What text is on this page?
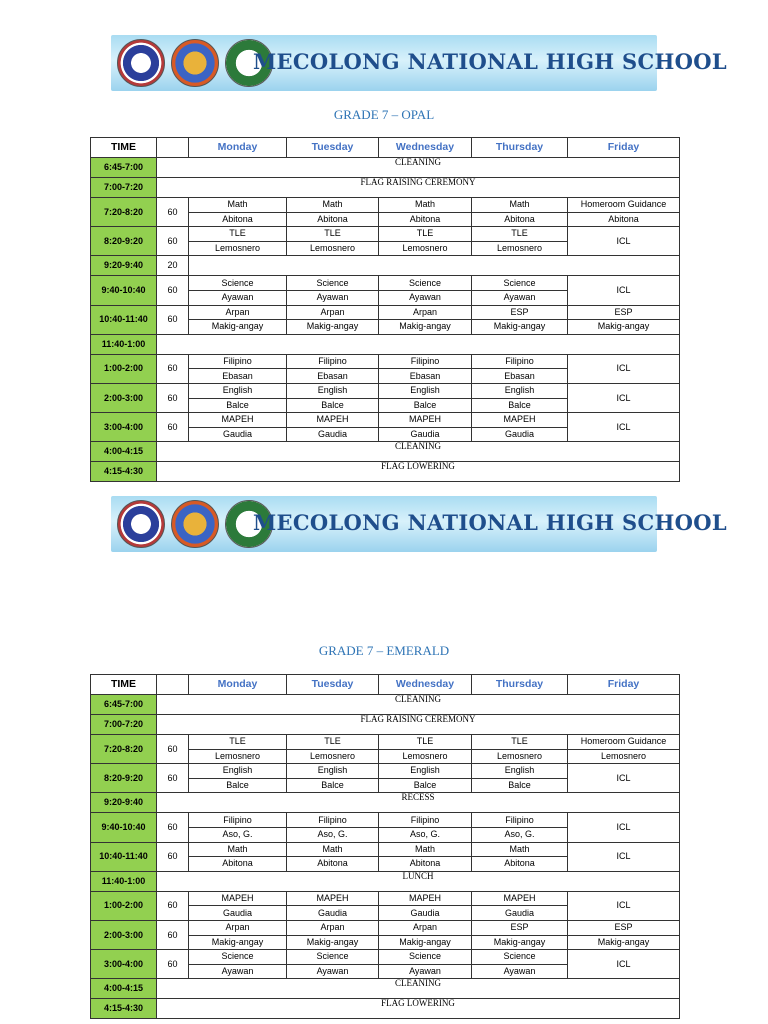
MECOLONG NATIONAL HIGH SCHOOL
GRADE 7 – OPAL
TIME		Monday	Tuesday	Wednesday	Thursday	Friday
6:45-7:00	CLEANING					
7:00-7:20	FLAG RAISING CEREMONY					
7:20-8:20	60	Math	Math	Math	Math	Homeroom Guidance
		Abitona	Abitona	Abitona	Abitona	Abitona
8:20-9:20	60	TLE	TLE	TLE	TLE	ICL
		Lemosnero	Lemosnero	Lemosnero	Lemosnero	
9:20-9:40	20					
9:40-10:40	60	Science	Science	Science	Science	ICL
		Ayawan	Ayawan	Ayawan	Ayawan	
10:40-11:40	60	Arpan	Arpan	Arpan	ESP	ESP
		Makig-angay	Makig-angay	Makig-angay	Makig-angay	Makig-angay
11:40-1:00						
1:00-2:00	60	Filipino	Filipino	Filipino	Filipino	ICL
		Ebasan	Ebasan	Ebasan	Ebasan	
2:00-3:00	60	English	English	English	English	ICL
		Balce	Balce	Balce	Balce	
3:00-4:00	60	MAPEH	MAPEH	MAPEH	MAPEH	ICL
		Gaudia	Gaudia	Gaudia	Gaudia	
4:00-4:15	CLEANING					
4:15-4:30	FLAG LOWERING					
MECOLONG NATIONAL HIGH SCHOOL
GRADE 7 – EMERALD
TIME		Monday	Tuesday	Wednesday	Thursday	Friday
6:45-7:00	CLEANING					
7:00-7:20	FLAG RAISING CEREMONY					
7:20-8:20	60	TLE	TLE	TLE	TLE	Homeroom Guidance
		Lemosnero	Lemosnero	Lemosnero	Lemosnero	Lemosnero
8:20-9:20	60	English	English	English	English	ICL
		Balce	Balce	Balce	Balce	
9:20-9:40	RECESS					
9:40-10:40	60	Filipino	Filipino	Filipino	Filipino	ICL
		Aso, G.	Aso, G.	Aso, G.	Aso, G.	
10:40-11:40	60	Math	Math	Math	Math	ICL
		Abitona	Abitona	Abitona	Abitona	
11:40-1:00	LUNCH					
1:00-2:00	60	MAPEH	MAPEH	MAPEH	MAPEH	ICL
		Gaudia	Gaudia	Gaudia	Gaudia	
2:00-3:00	60	Arpan	Arpan	Arpan	ESP	ESP
		Makig-angay	Makig-angay	Makig-angay	Makig-angay	Makig-angay
3:00-4:00	60	Science	Science	Science	Science	ICL
		Ayawan	Ayawan	Ayawan	Ayawan	
4:00-4:15	CLEANING					
4:15-4:30	FLAG LOWERING					
